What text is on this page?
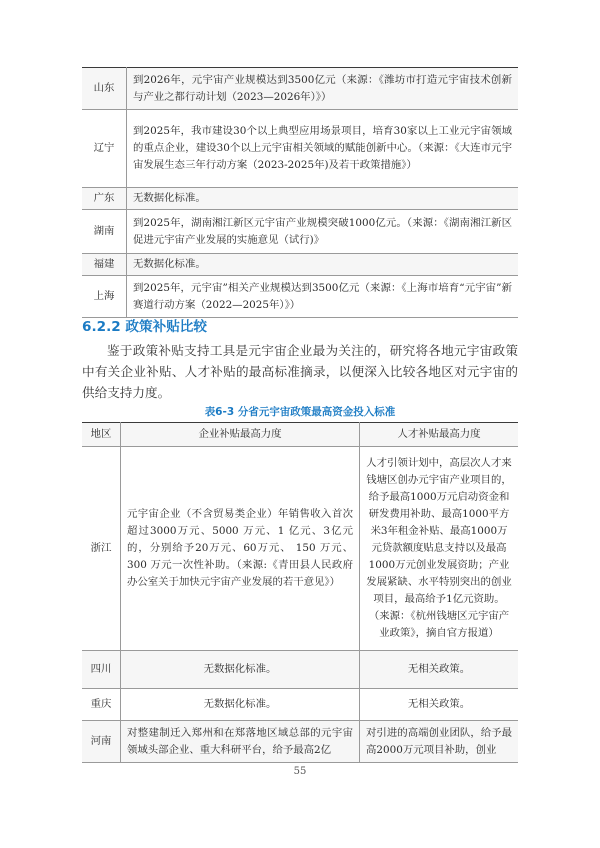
山东	到2026年，元宇宙产业规模达到3500亿元（来源：《潍坊市打造元宇宙技术创新与产业之都行动计划（2023—2026年）》）
辽宁	到2025年，我市建设30个以上典型应用场景项目，培育30家以上工业元宇宙领域的重点企业，建设30个以上元宇宙相关领域的赋能创新中心。（来源：《大连市元宇宙发展生态三年行动方案（2023-2025年)及若干政策措施》）
广东	无数据化标准。
湖南	到2025年，湖南湘江新区元宇宙产业规模突破1000亿元。（来源：《湖南湘江新区促进元宇宙产业发展的实施意见（试行)》
福建	无数据化标准。
上海	到2025年，元宇宙”相关产业规模达到3500亿元（来源：《上海市培育“元宇宙”新赛道行动方案（2022—2025年）》）
6.2.2 政策补贴比较

鉴于政策补贴支持工具是元宇宙企业最为关注的，研究将各地元宇宙政策中有关企业补贴、人才补贴的最高标准摘录，以便深入比较各地区对元宇宙的供给支持力度。

表6-3 分省元宇宙政策最高资金投入标准
地区	企业补贴最高力度	人才补贴最高力度
浙江	元宇宙企业（不含贸易类企业）年销售收入首次超过3000万元、5000 万元、1 亿元、3亿元的，分别给予20万元、60万元、 150 万元、300 万元一次性补助。（来源:《青田县人民政府办公室关于加快元宇宙产业发展的若干意见》）	人才引领计划中，高层次人才来钱塘区创办元宇宙产业项目的，给予最高1000万元启动资金和研发费用补助、最高1000平方米3年租金补贴、最高1000万元贷款额度贴息支持以及最高1000万元创业发展资助；产业发展紧缺、水平特别突出的创业项目，最高给予1亿元资助。（来源：《杭州钱塘区元宇宙产业政策》，摘自官方报道）
四川	无数据化标准。	无相关政策。
重庆	无数据化标准。	无相关政策。
河南	对整建制迁入郑州和在郑落地区域总部的元宇宙领域头部企业、重大科研平台，给予最高2亿	对引进的高端创业团队，给予最高2000万元项目补助，创业
55
